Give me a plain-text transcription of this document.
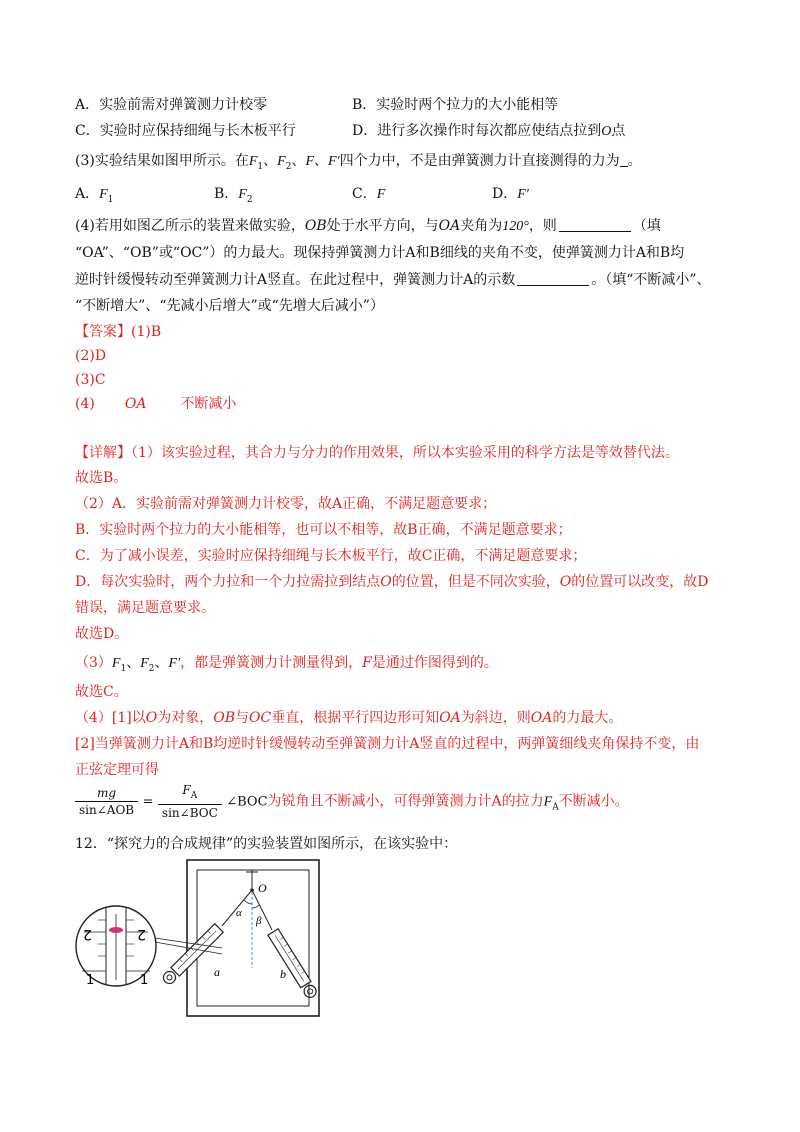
A．实验前需对弹簧测力计校零	B．实验时两个拉力的大小能相等
C．实验时应保持细绳与长木板平行	D．进行多次操作时每次都应使结点拉到O点
(3)实验结果如图甲所示。在$F_1$、$F_2$、F、F′四个力中，不是由弹簧测力计直接测得的力为 。
A．$F_1$	B．$F_2$	C．F	D．F′
(4)若用如图乙所示的装置来做实验，OB处于水平方向，与OA夹角为120°，则	（填
“OA”、“OB”或“OC”）的力最大。现保持弹簧测力计A和B细线的夹角不变，使弹簧测力计A和B均
逆时针缓慢转动至弹簧测力计A竖直。在此过程中，弹簧测力计A的示数	。（填“不断减小”、
“不断增大”、“先减小后增大”或“先增大后减小”）
【答案】(1)B
(2)D
(3)C
(4) OA 不断减小
【详解】（1）该实验过程，其合力与分力的作用效果，所以本实验采用的科学方法是等效替代法。
故选B。
（2）A．实验前需对弹簧测力计校零，故A正确，不满足题意要求；
B．实验时两个拉力的大小能相等，也可以不相等，故B正确，不满足题意要求；
C．为了减小误差，实验时应保持细绳与长木板平行，故C正确，不满足题意要求；
D．每次实验时，两个力拉和一个力拉需拉到结点O的位置，但是不同次实验，O的位置可以改变，故D
错误，满足题意要求。
故选D。
$(3)F_1$、$F_2$、F′，都是弹簧测力计测量得到，F是通过作图得到的。
故选C。
（4）[1]以O为对象，OB与OC垂直，根据平行四边形可知OA为斜边，则OA的力最大。
[2]当弹簧测力计A和B均逆时针缓慢转动至弹簧测力计A竖直的过程中，两弹簧细线夹角保持不变，由
正弦定理可得
$\frac{mg}{\text{sin∠AOB}} = \frac{F_A}{\text{sin∠BOC}}$ ∠BOC为锐角且不断减小，可得弹簧测力计A的拉力$F_A$不断减小。
12．“探究力的合成规律”的实验装置如图所示，在该实验中：
O
α
β
a	b
2	2
1	1
